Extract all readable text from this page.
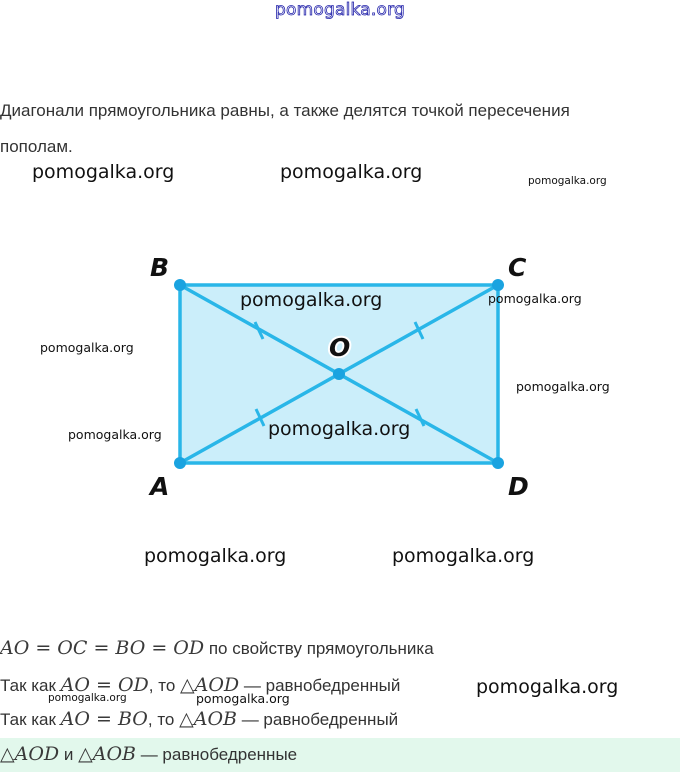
pomogalka.org
Диагонали прямоугольника равны, а также делятся точкой пересечения
пополам.
pomogalka.org	pomogalka.org	pomogalka.org
B	C
A	D
O
pomogalka.org	pomogalka.org
pomogalka.org
pomogalka.org
pomogalka.org	pomogalka.org
pomogalka.org	pomogalka.org
AO = OC = BO = OD по свойству прямоугольника
Так как AO = OD, то △AOD — равнобедренный	pomogalka.org
pomogalka.org	pomogalka.org
Так как AO = BO, то △AOB — равнобедренный
△AOD и △AOB — равнобедренные
